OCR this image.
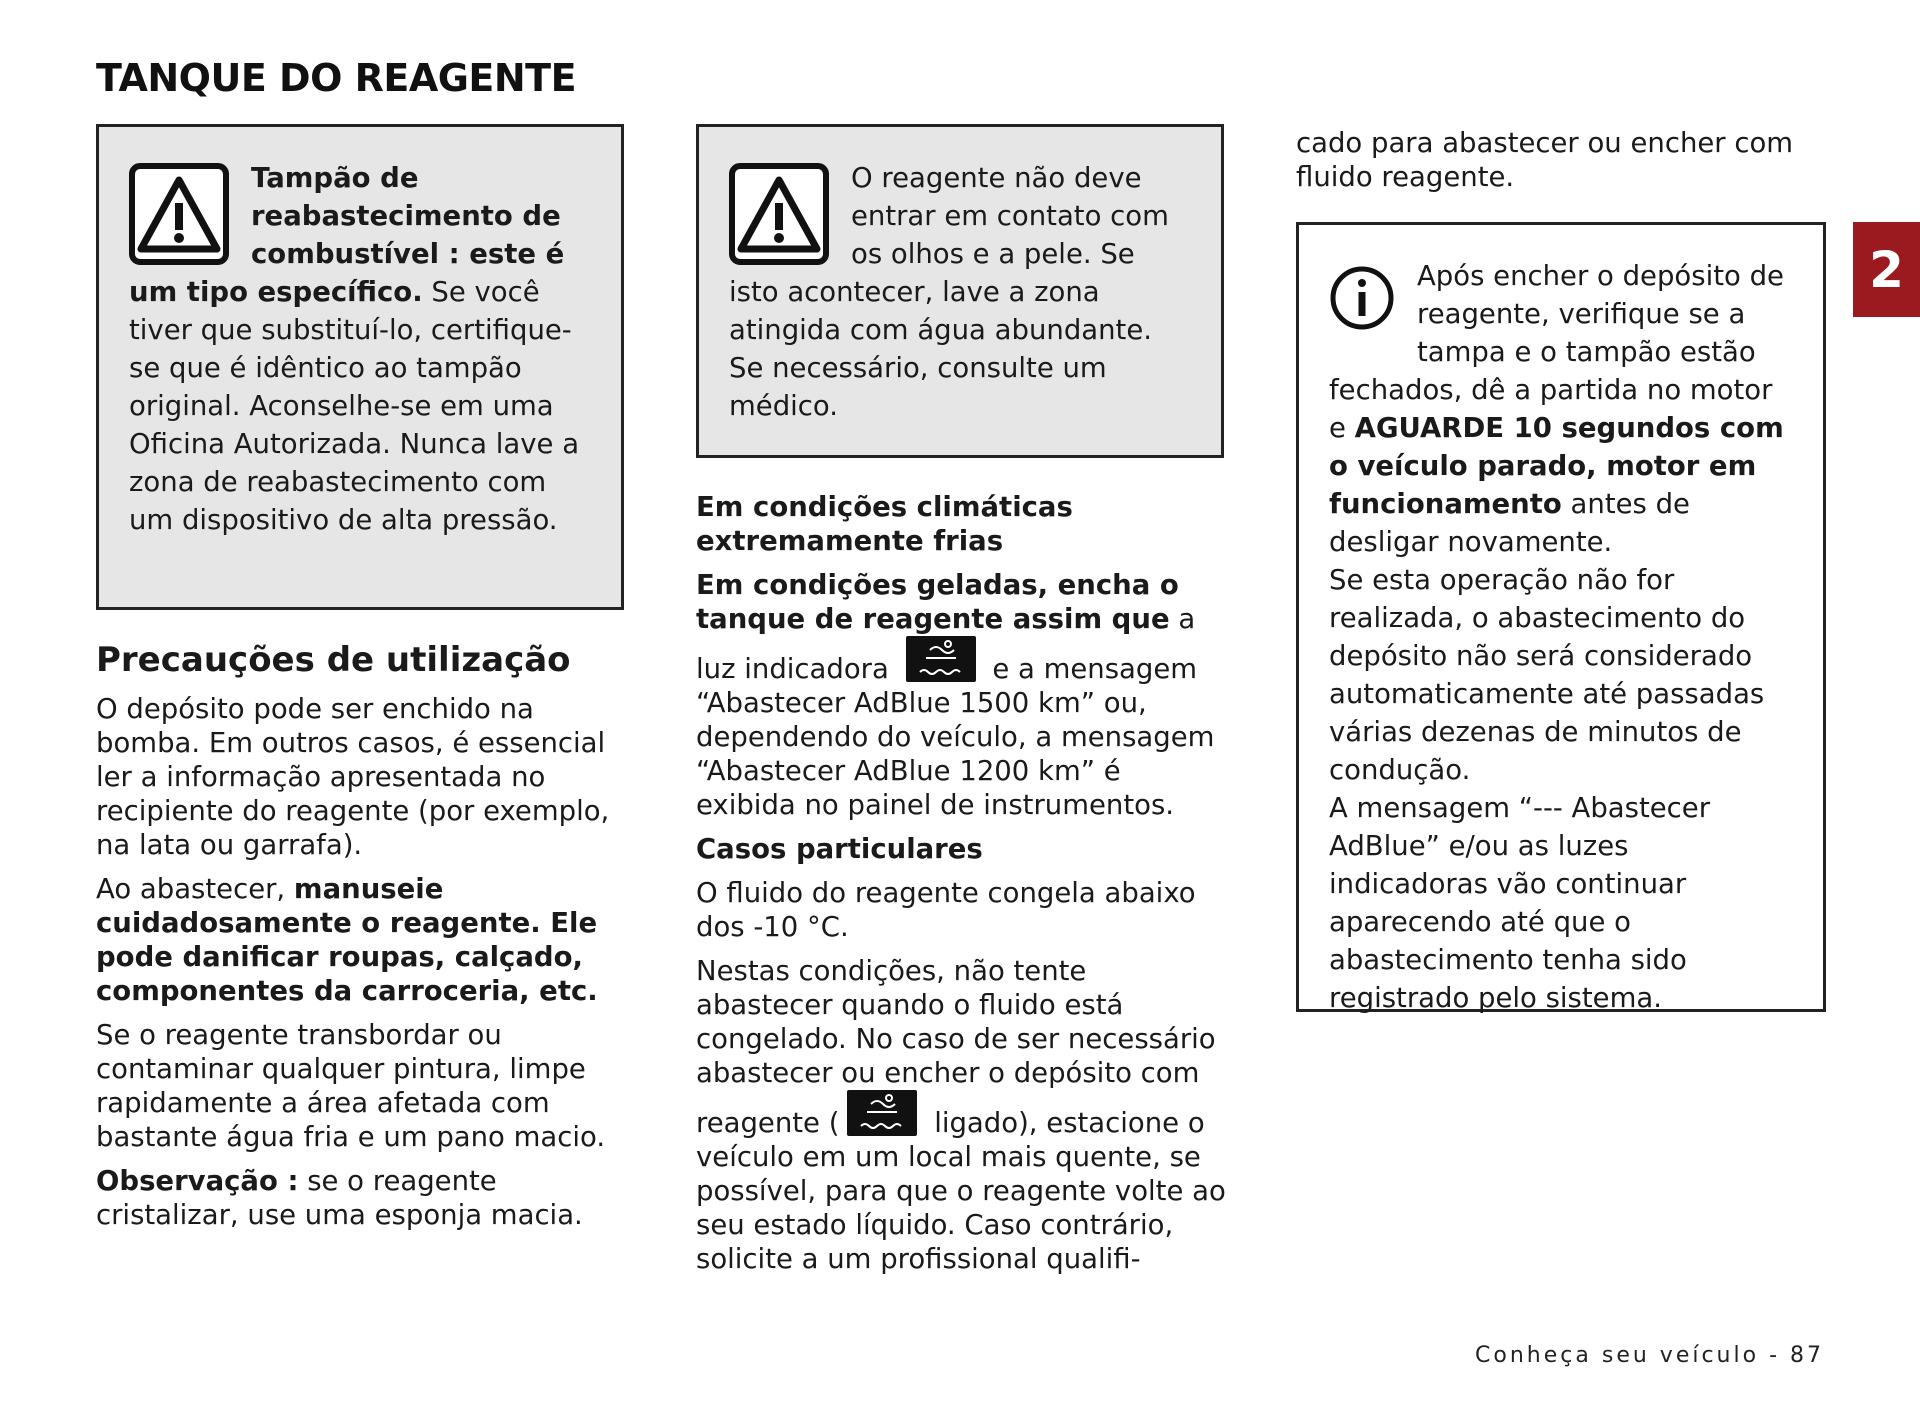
TANQUE DO REAGENTE
Tampão de reabastecimento de combustível : este é um tipo específico. Se você tiver que substituí-lo, certifique-se que é idêntico ao tampão original. Aconselhe-se em uma Oficina Autorizada. Nunca lave a zona de reabastecimento com um dispositivo de alta pressão.
Precauções de utilização

O depósito pode ser enchido na bomba. Em outros casos, é essencial ler a informação apresentada no recipiente do reagente (por exemplo, na lata ou garrafa).

Ao abastecer, manuseie cuidadosamente o reagente. Ele pode danificar roupas, calçado, componentes da carroceria, etc.

Se o reagente transbordar ou contaminar qualquer pintura, limpe rapidamente a área afetada com bastante água fria e um pano macio.

Observação : se o reagente cristalizar, use uma esponja macia.

O reagente não deve entrar em contato com os olhos e a pele. Se isto acontecer, lave a zona atingida com água abundante. Se necessário, consulte um médico.

Em condições climáticas extremamente frias

Em condições geladas, encha o tanque de reagente assim que a luz indicadora	e a mensagem “Abastecer AdBlue 1500 km” ou, dependendo do veículo, a mensagem “Abastecer AdBlue 1200 km” é exibida no painel de instrumentos.

Casos particulares

O fluido do reagente congela abaixo dos -10 °C.

Nestas condições, não tente abastecer quando o fluido está congelado. No caso de ser necessário abastecer ou encher o depósito com reagente (	ligado), estacione o veículo em um local mais quente, se possível, para que o reagente volte ao seu estado líquido. Caso contrário, solicite a um profissional qualifi-

cado para abastecer ou encher com fluido reagente.

Após encher o depósito de reagente, verifique se a tampa e o tampão estão fechados, dê a partida no motor e AGUARDE 10 segundos com o veículo parado, motor em funcionamento antes de desligar novamente.
Se esta operação não for realizada, o abastecimento do depósito não será considerado automaticamente até passadas várias dezenas de minutos de condução.
A mensagem “--- Abastecer AdBlue” e/ou as luzes indicadoras vão continuar aparecendo até que o abastecimento tenha sido registrado pelo sistema.
2
Conheça seu veículo - 87
